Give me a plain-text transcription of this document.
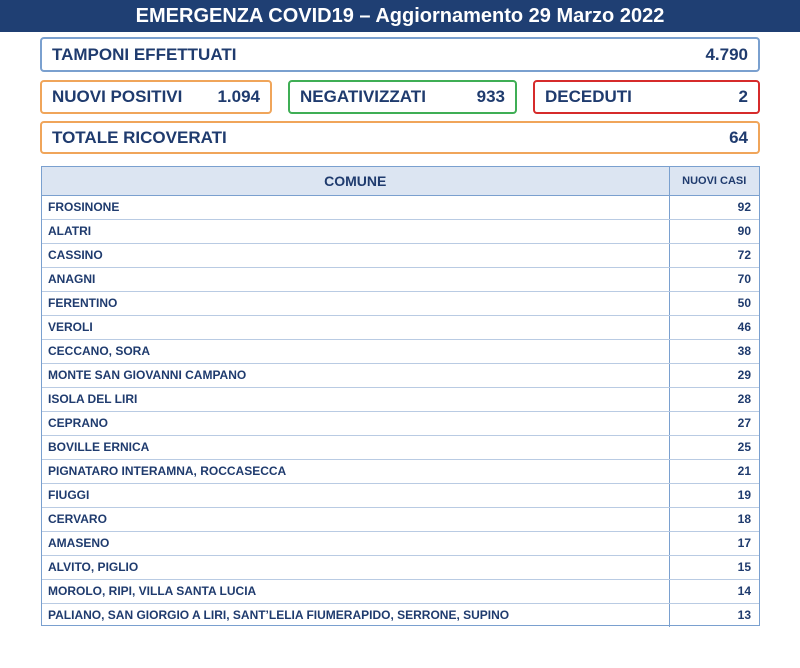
EMERGENZA COVID19 – Aggiornamento 29 Marzo 2022
TAMPONI EFFETTUATI	4.790
NUOVI POSITIVI 1.094 NEGATIVIZZATI	933 DECEDUTI	2
TOTALE RICOVERATI	64
COMUNE	NUOVI CASI
FROSINONE	92
ALATRI	90
CASSINO	72
ANAGNI	70
FERENTINO	50
VEROLI	46
CECCANO, SORA	38
MONTE SAN GIOVANNI CAMPANO	29
ISOLA DEL LIRI	28
CEPRANO	27
BOVILLE ERNICA	25
PIGNATARO INTERAMNA, ROCCASECCA	21
FIUGGI	19
CERVARO	18
AMASENO	17
ALVITO, PIGLIO	15
MOROLO, RIPI, VILLA SANTA LUCIA	14
PALIANO, SAN GIORGIO A LIRI, SANT’LELIA FIUMERAPIDO, SERRONE, SUPINO	13
